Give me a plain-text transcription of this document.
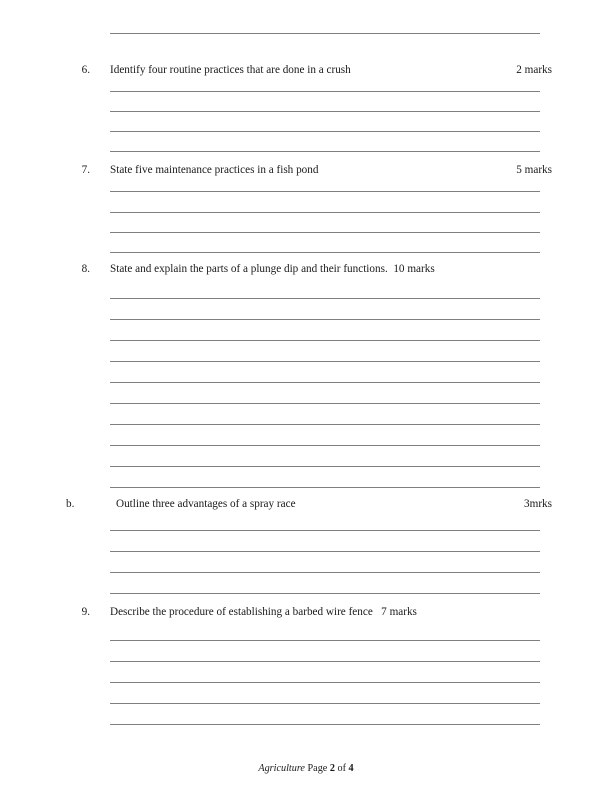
6.	Identify four routine practices that are done in a crush	2 marks
7.	State five maintenance practices in a fish pond	5 marks
8.	State and explain the parts of a plunge dip and their functions.  10 marks
b.	Outline three advantages of a spray race	3mrks
9.	Describe the procedure of establishing a barbed wire fence   7 marks
Agriculture Page 2 of 4
